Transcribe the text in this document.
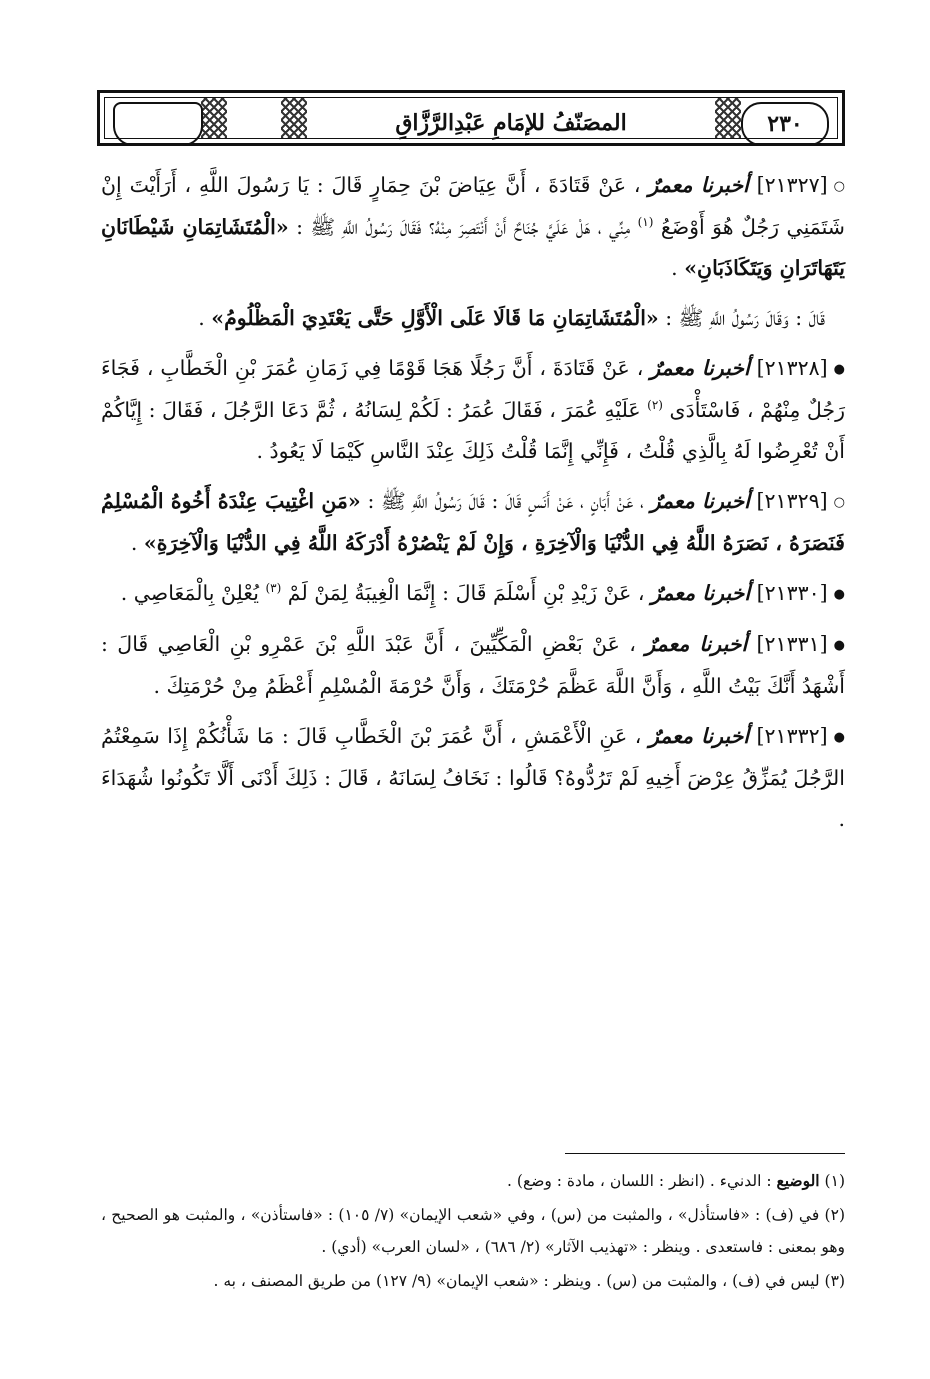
المصَنّفُ للإمَامِ عَبْدِالرَّزَّاقِ	٢٣٠

○[٢١٣٢٧] أخبرنا معمرٌ ، عَنْ قَتَادَةَ ، أَنَّ عِيَاضَ بْنَ حِمَارٍ قَالَ : يَا رَسُولَ اللَّهِ ، أَرَأَيْتَ إِنْ شَتَمَنِي رَجُلٌ هُوَ أَوْضَعُ $^{(١)}$ مِنِّي ، هَلْ عَلَيَّ جُنَاحٌ أَنْ أَنْتَصِرَ مِنْهُ؟ فَقَالَ رَسُولُ اللَّهِ ﷺ : «الْمُتَشَاتِمَانِ شَيْطَانَانِ يَتَهَاتَرَانِ وَيَتَكَاذَبَانِ» .

قَالَ : وَقَالَ رَسُولُ اللَّهِ ﷺ : «الْمُتَشَاتِمَانِ مَا قَالَا عَلَى الْأَوَّلِ حَتَّى يَعْتَدِيَ الْمَظْلُومُ» .

●[٢١٣٢٨] أخبرنا معمرٌ ، عَنْ قَتَادَةَ ، أَنَّ رَجُلًا هَجَا قَوْمًا فِي زَمَانِ عُمَرَ بْنِ الْخَطَّابِ ، فَجَاءَ رَجُلٌ مِنْهُمْ ، فَاسْتَأْدَى $^{(٢)}$ عَلَيْهِ عُمَرَ ، فَقَالَ عُمَرُ : لَكُمْ لِسَانُهُ ، ثُمَّ دَعَا الرَّجُلَ ، فَقَالَ : إِيَّاكُمْ أَنْ تُعْرِضُوا لَهُ بِالَّذِي قُلْتُ ، فَإِنِّي إِنَّمَا قُلْتُ ذَلِكَ عِنْدَ النَّاسِ كَيْمَا لَا يَعُودُ .

○[٢١٣٢٩] أخبرنا معمرٌ ، عَنْ أَبَانٍ ، عَنْ أَنَسٍ قَالَ : قَالَ رَسُولُ اللَّهِ ﷺ : «مَنِ اغْتِيبَ عِنْدَهُ أَخُوهُ الْمُسْلِمُ فَنَصَرَهُ ، نَصَرَهُ اللَّهُ فِي الدُّنْيَا وَالْآخِرَةِ ، وَإِنْ لَمْ يَنْصُرْهُ أَدْرَكَهُ اللَّهُ فِي الدُّنْيَا وَالْآخِرَةِ» .

●[٢١٣٣٠] أخبرنا معمرٌ ، عَنْ زَيْدِ بْنِ أَسْلَمَ قَالَ : إِنَّمَا الْغِيبَةُ لِمَنْ لَمْ $^{(٣)}$ يُعْلِنْ بِالْمَعَاصِي .

●[٢١٣٣١] أخبرنا معمرٌ ، عَنْ بَعْضِ الْمَكِّيِّينَ ، أَنَّ عَبْدَ اللَّهِ بْنَ عَمْرِو بْنِ الْعَاصِي قَالَ : أَشْهَدُ أَنَّكَ بَيْتُ اللَّهِ ، وَأَنَّ اللَّهَ عَظَّمَ حُرْمَتَكَ ، وَأَنَّ حُرْمَةَ الْمُسْلِمِ أَعْظَمُ مِنْ حُرْمَتِكَ .

●[٢١٣٣٢] أخبرنا معمرٌ ، عَنِ الْأَعْمَشِ ، أَنَّ عُمَرَ بْنَ الْخَطَّابِ قَالَ : مَا شَأْنُكُمْ إِذَا سَمِعْتُمُ الرَّجُلَ يُمَزِّقُ عِرْضَ أَخِيهِ لَمْ تَرُدُّوهُ؟ قَالُوا : نَخَافُ لِسَانَهُ ، قَالَ : ذَلِكَ أَدْنَى أَلَّا تَكُونُوا شُهَدَاءَ .

(١) الوضيع : الدنيء . (انظر : اللسان ، مادة : وضع) .

(٢) في (ف) : «فاستأذل» ، والمثبت من (س) ، وفي «شعب الإيمان» (٧/ ١٠٥) : «فاستأذن» ، والمثبت هو الصحيح ، وهو بمعنى : فاستعدى . وينظر : «تهذيب الآثار» (٢/ ٦٨٦) ، «لسان العرب» (أدي) .

(٣) ليس في (ف) ، والمثبت من (س) . وينظر : «شعب الإيمان» (٩/ ١٢٧) من طريق المصنف ، به .
